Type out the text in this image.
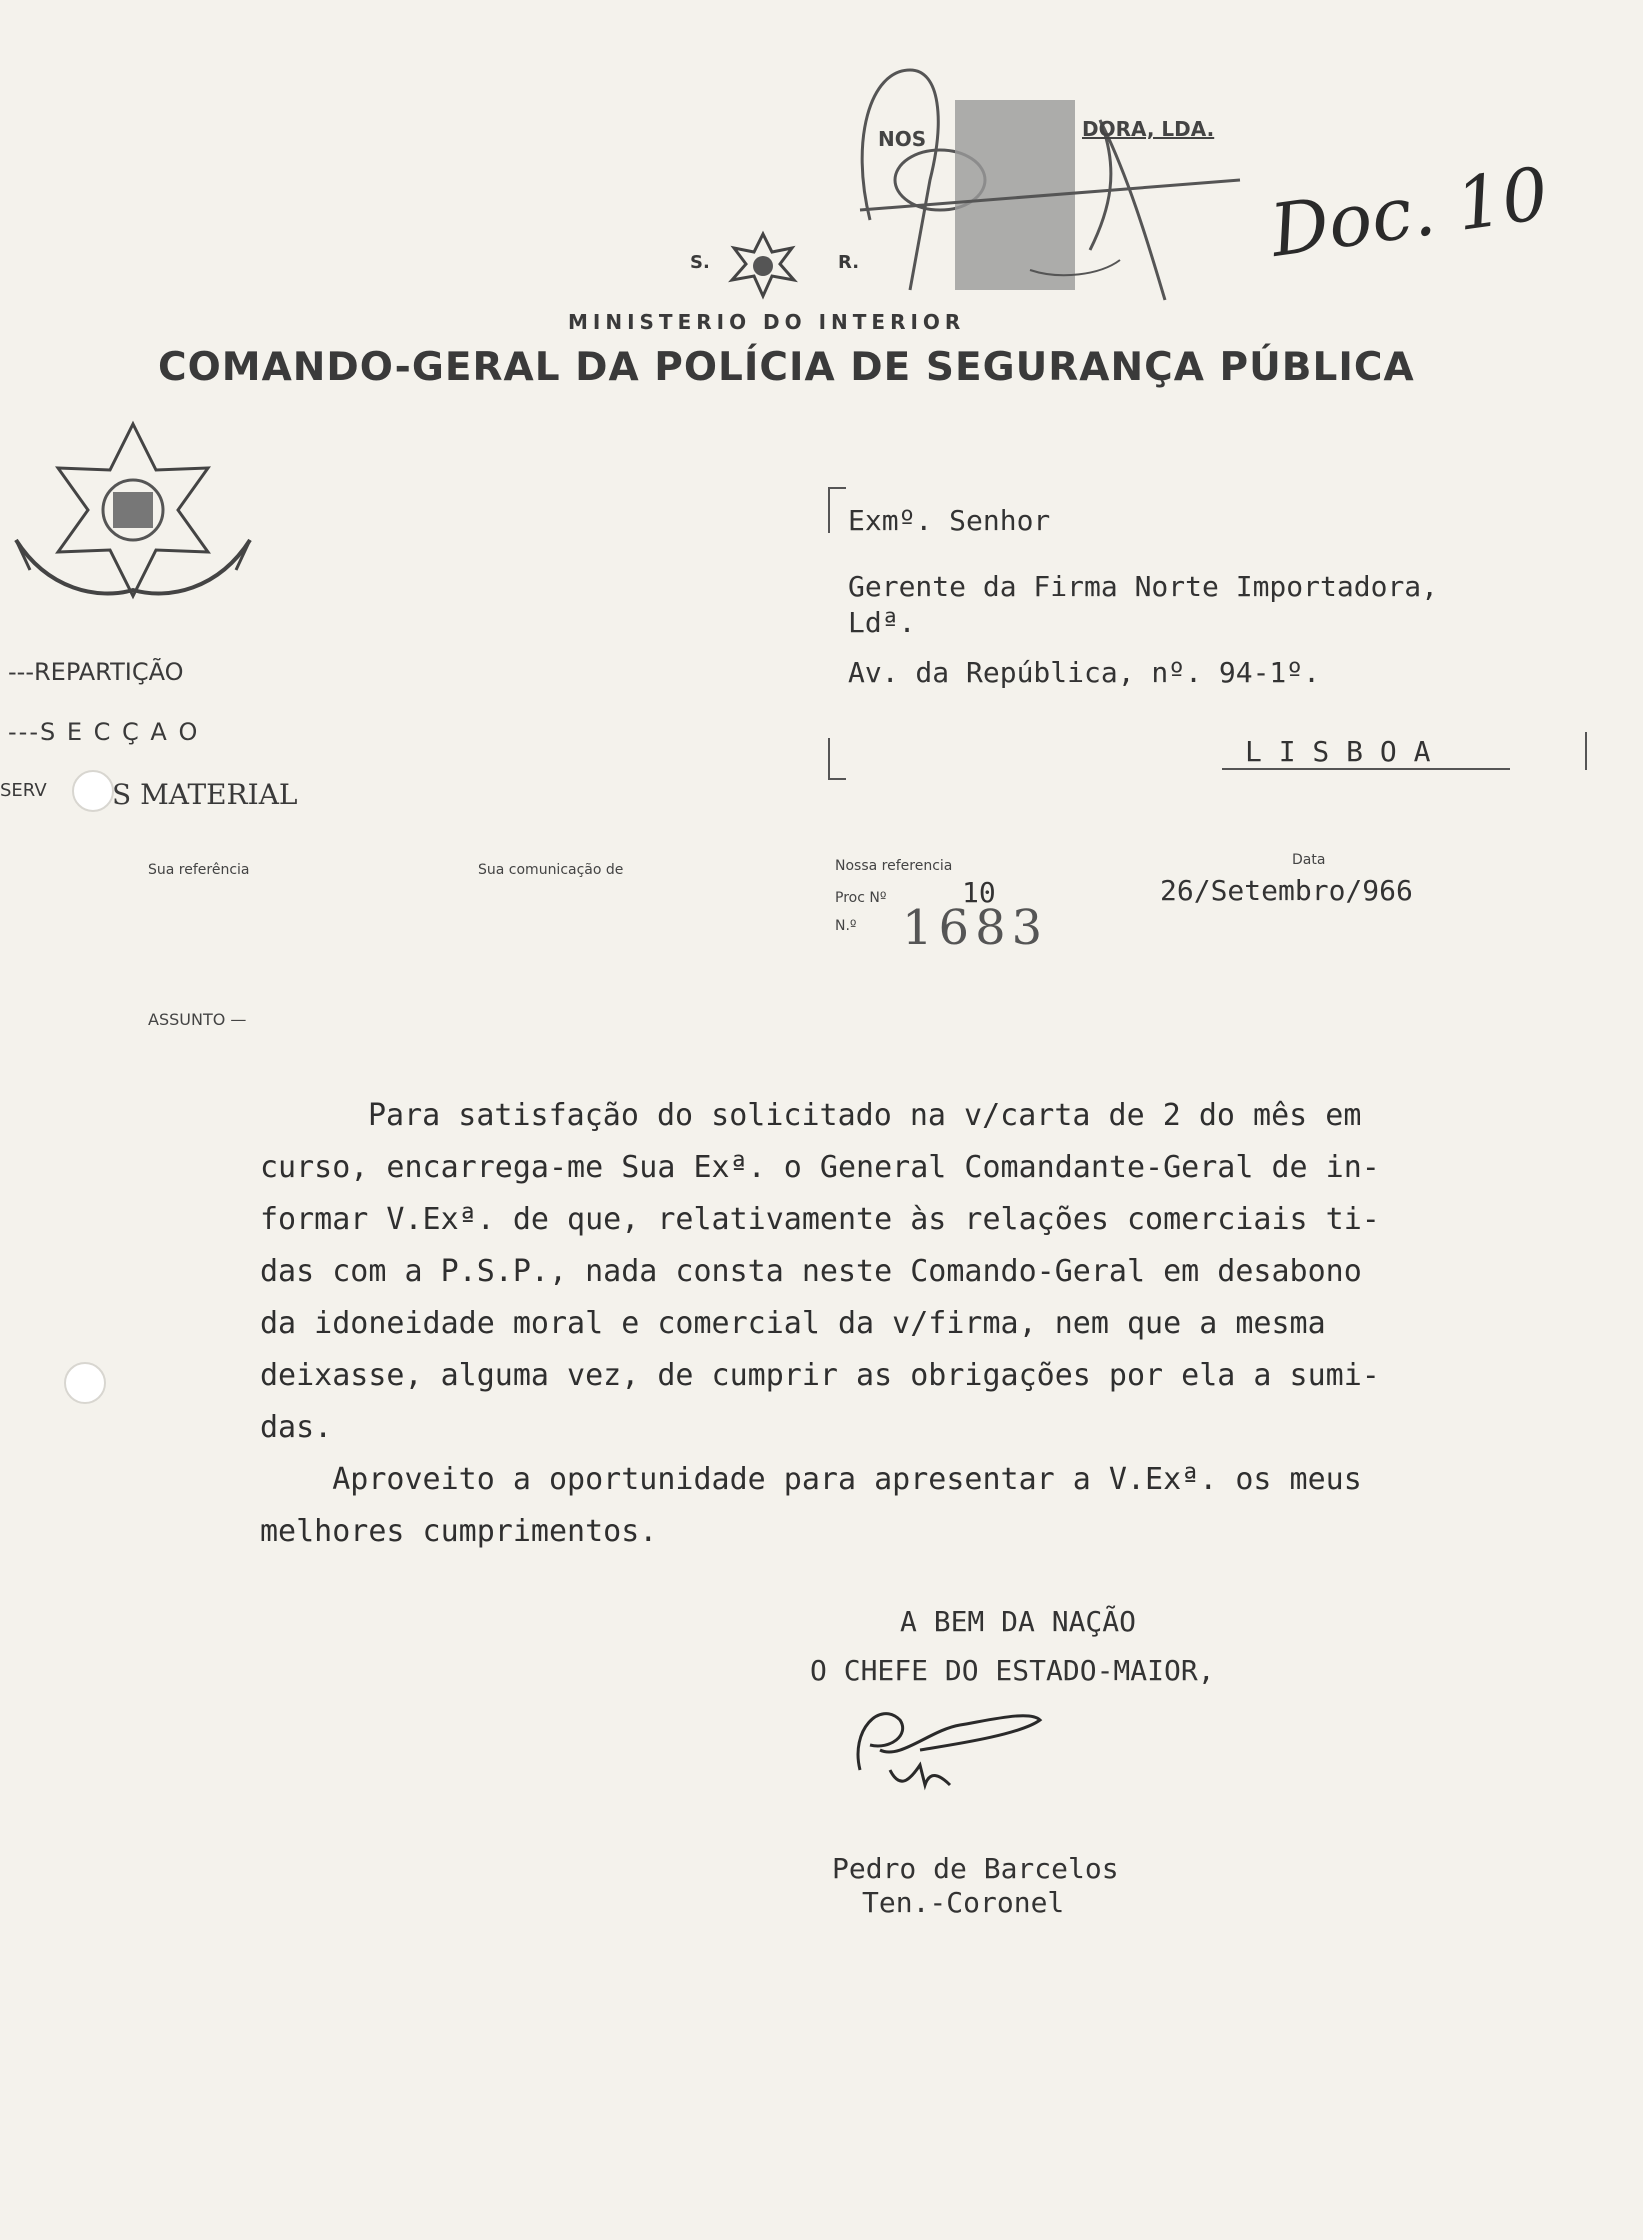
NOS	DORA, LDA.
Doc. 10
S.	R.
MINISTERIO DO INTERIOR
COMANDO-GERAL DA POLÍCIA DE SEGURANÇA PÚBLICA
Exmº. Senhor
Gerente da Firma Norte Importadora,
Ldª.
Av. da República, nº. 94-1º.
L I S B O A
---REPARTIÇÃO
---S E C Ç A O
SERV S MATERIAL
Sua referência	Sua comunicação de	Nossa referencia
Proc Nº	10
N.º 1683
Data
26/Setembro/966
ASSUNTO —

Para satisfação do solicitado na v/carta de 2 do mês em

curso, encarrega-me Sua Exª. o General Comandante-Geral de in-

formar V.Exª. de que, relativamente às relações comerciais ti-

das com a P.S.P., nada consta neste Comando-Geral em desabono

da idoneidade moral e comercial da v/firma, nem que a mesma

deixasse, alguma vez, de cumprir as obrigações por ela a sumi-

das.

Aproveito a oportunidade para apresentar a V.Exª. os meus

melhores cumprimentos.

A BEM DA NAÇÃO
O CHEFE DO ESTADO-MAIOR,
Pedro de Barcelos
Ten.-Coronel
